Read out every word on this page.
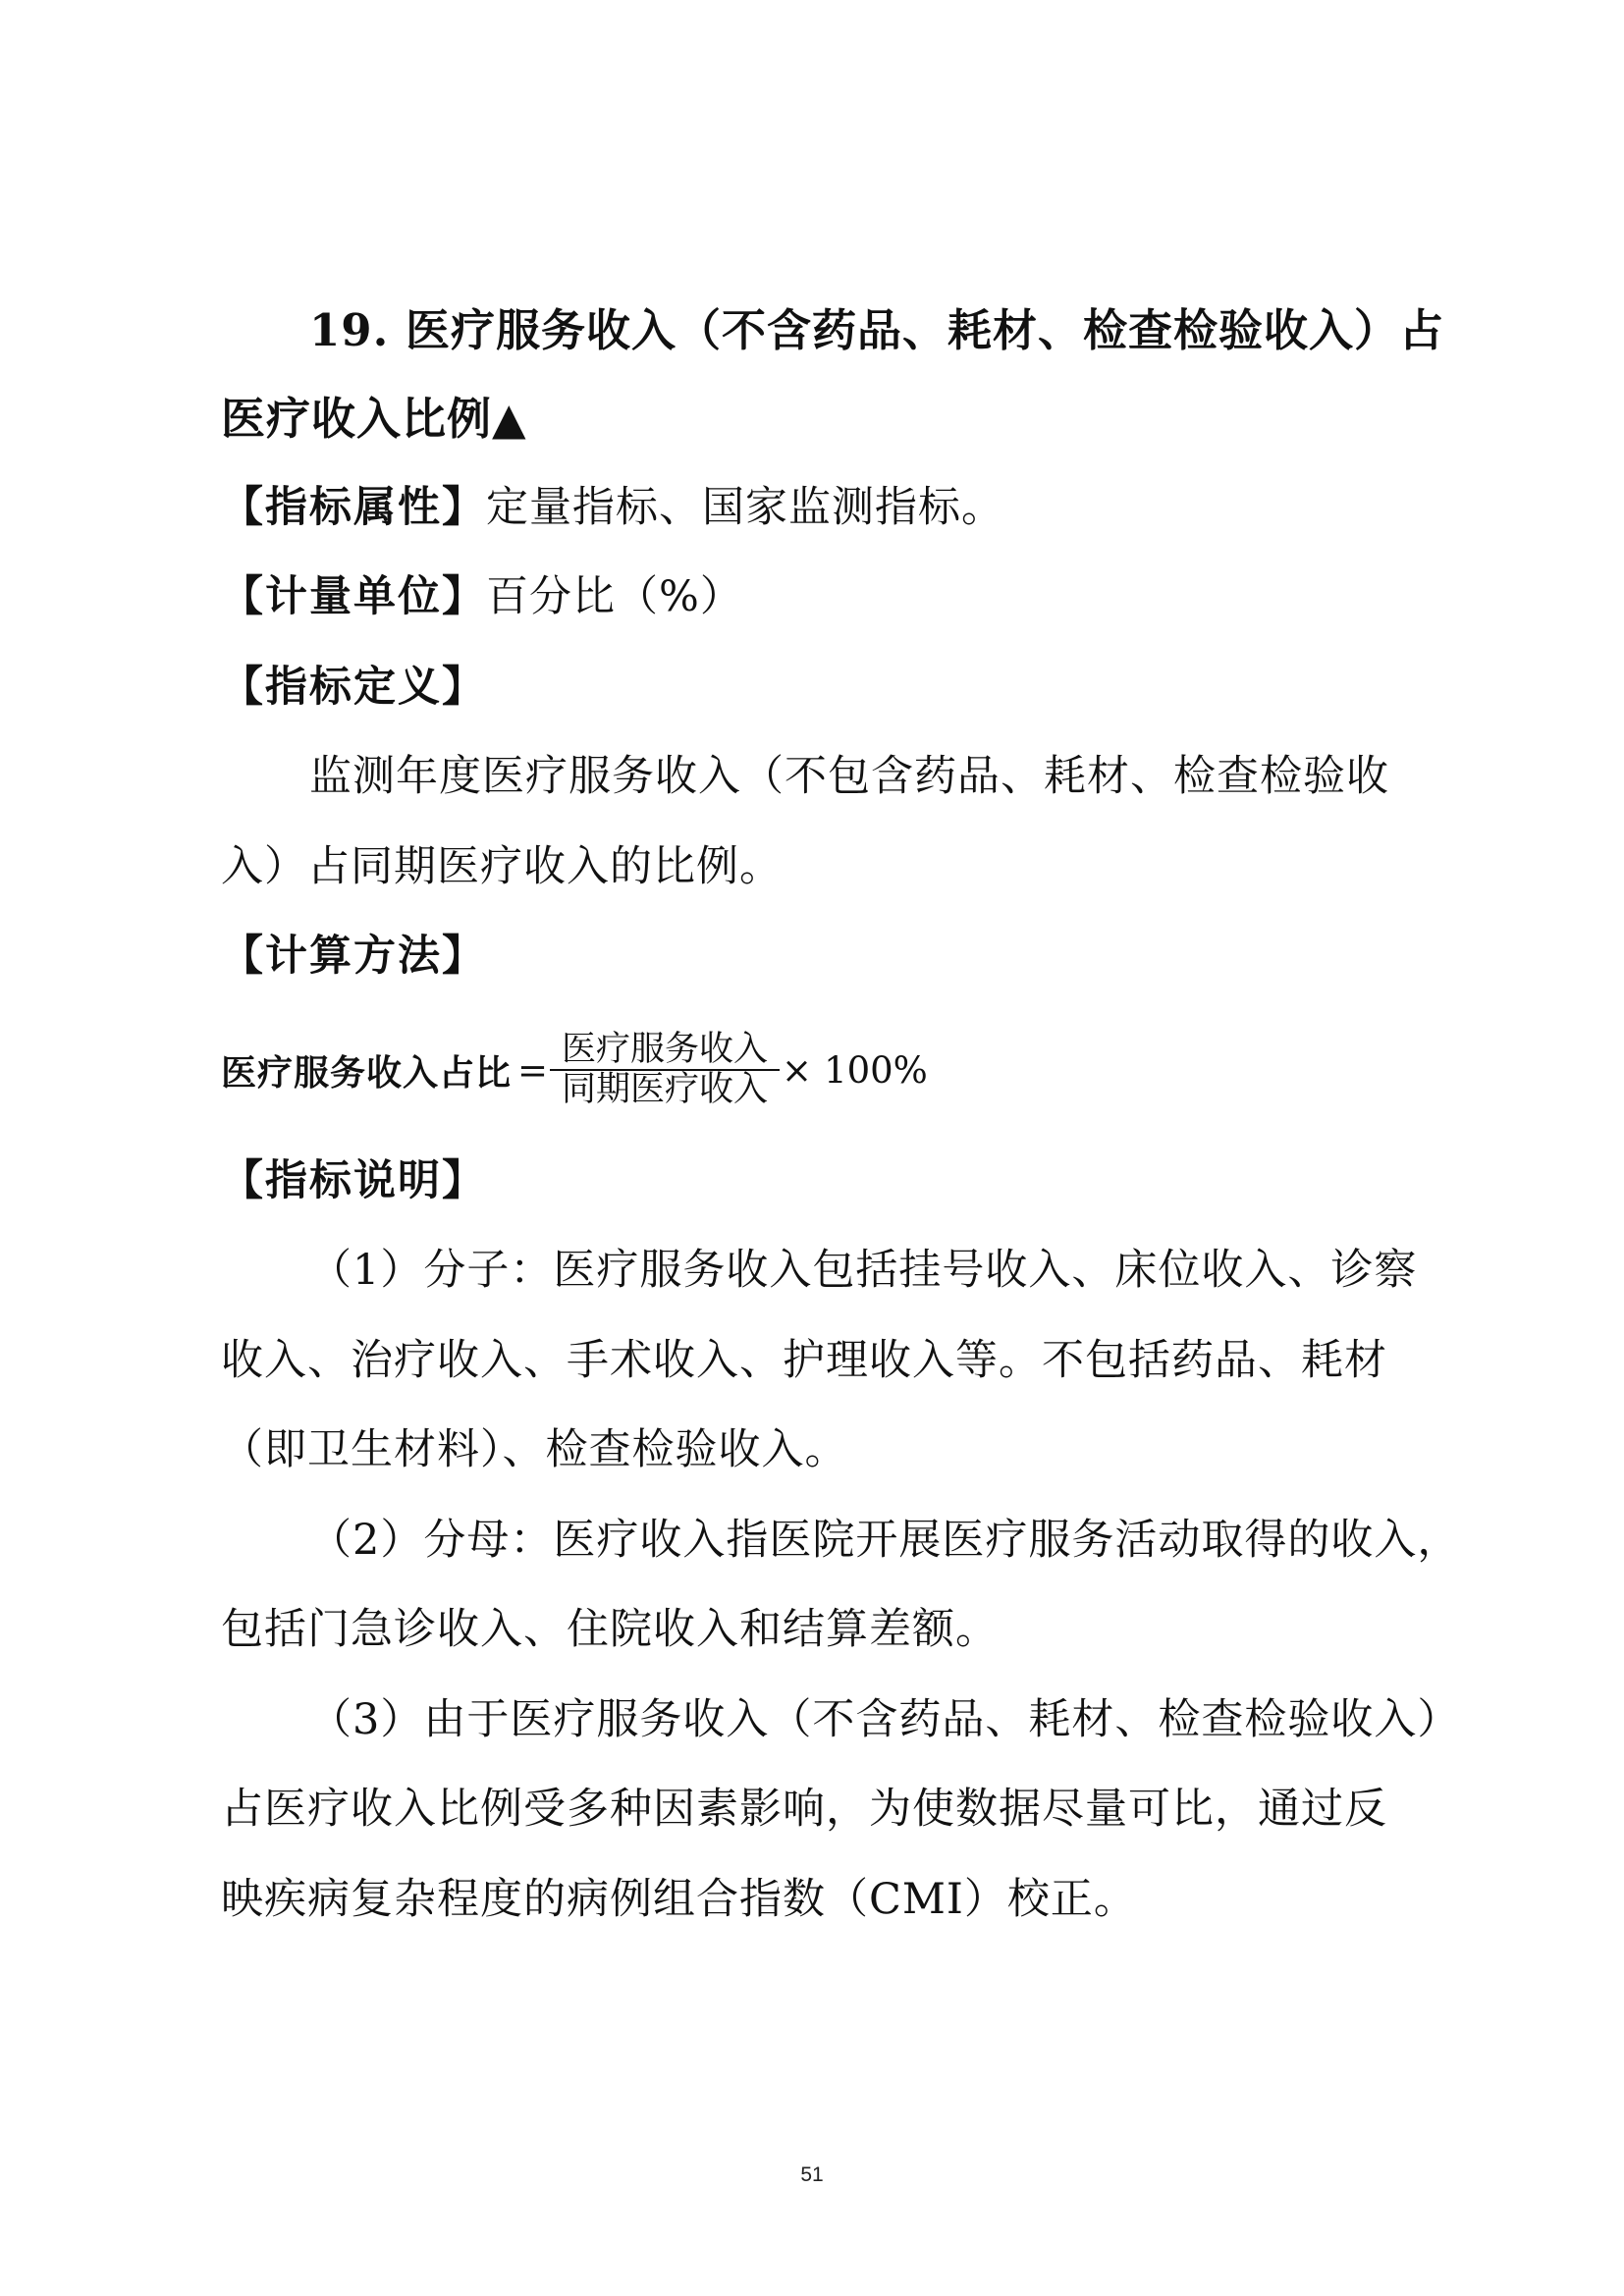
19. 医疗服务收入（不含药品、耗材、检查检验收入）占
医疗收入比例▲
【指标属性】定量指标、国家监测指标。
【计量单位】百分比（%）
【指标定义】
监测年度医疗服务收入（不包含药品、耗材、检查检验收
入）占同期医疗收入的比例。
【计算方法】
医疗服务收入占比 = $\frac{\text{医疗服务收入}}{\text{同期医疗收入}} \times 100\%$
【指标说明】
（1）分子：医疗服务收入包括挂号收入、床位收入、诊察
收入、治疗收入、手术收入、护理收入等。不包括药品、耗材
（即卫生材料）、检查检验收入。
（2）分母：医疗收入指医院开展医疗服务活动取得的收入，
包括门急诊收入、住院收入和结算差额。
（3）由于医疗服务收入（不含药品、耗材、检查检验收入）
占医疗收入比例受多种因素影响，为使数据尽量可比，通过反
映疾病复杂程度的病例组合指数（CMI）校正。
51
